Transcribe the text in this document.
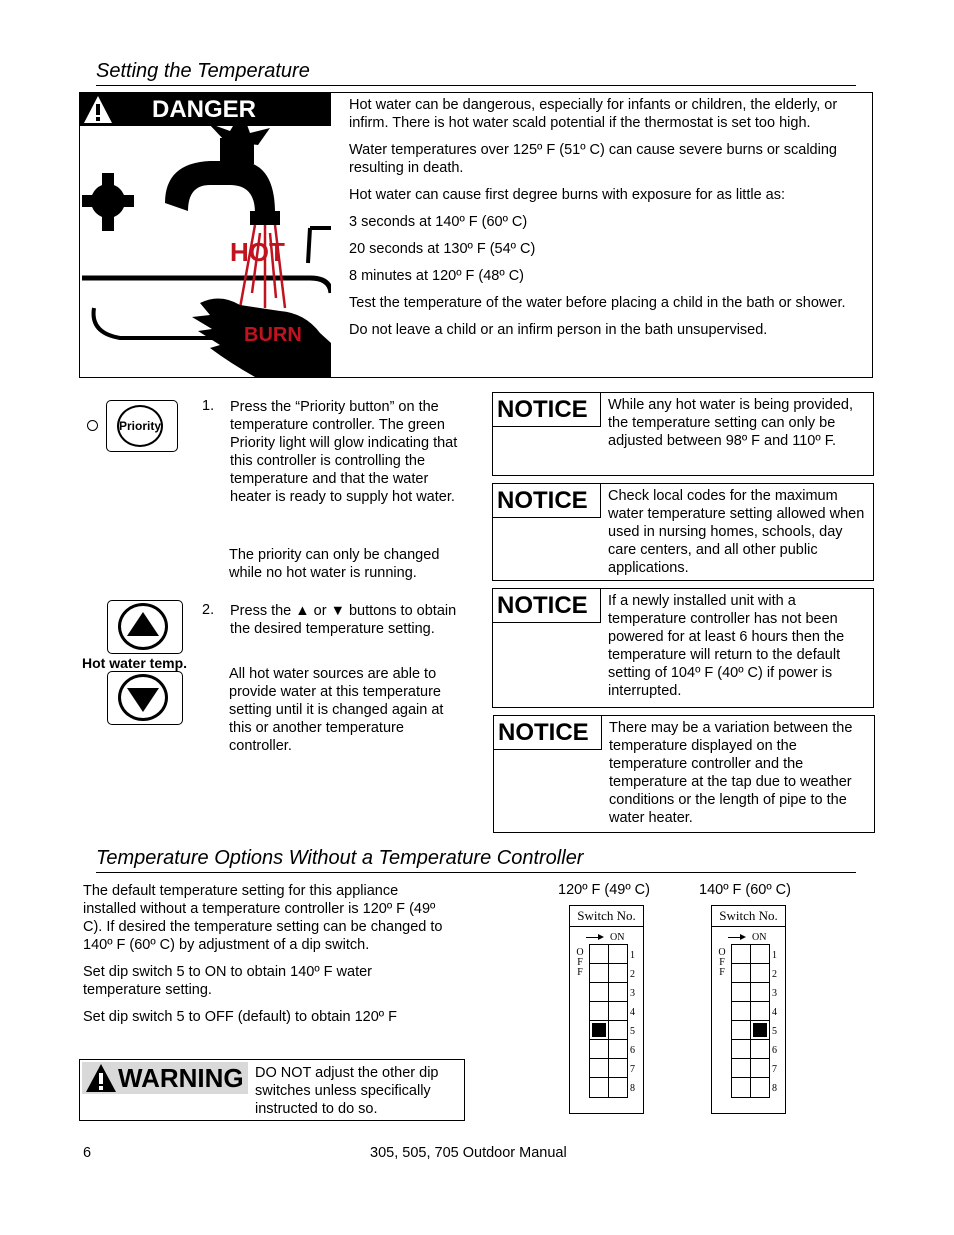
Setting the Temperature
HOT
BURN
DANGER	Hot water can be dangerous, especially for infants or children, the elderly, or infirm. There is hot water scald potential if the thermostat is set too high.

Water temperatures over 125º F (51º C) can cause severe burns or scalding resulting in death.

Hot water can cause first degree burns with exposure for as little as:

3 seconds at 140º F (60º C)

20 seconds at 130º F (54º C)

8 minutes at 120º F (48º C)

Test the temperature of the water before placing a child in the bath or shower.

Do not leave a child or an infirm person in the bath unsupervised.

Priority
1. Press the “Priority button” on the temperature controller. The green Priority light will glow indicating that this controller is controlling the temperature and that the water heater is ready to supply hot water.
The priority can only be changed while no hot water is running.
Hot water temp.
2. Press the ▲ or ▼ buttons to obtain the desired temperature setting.
All hot water sources are able to provide water at this temperature setting until it is changed again at this or another temperature controller.
NOTICE	While any hot water is being provided, the temperature setting can only be adjusted between 98º F and 110º F.
NOTICE	Check local codes for the maximum water temperature setting allowed when used in nursing homes, schools, day care centers, and all other public applications.
NOTICE	If a newly installed unit with a temperature controller has not been powered for at least 6 hours then the temperature will return to the default setting of 104º F (40º C) if power is interrupted.
NOTICE	There may be a variation between the temperature displayed on the temperature controller and the temperature at the tap due to weather conditions or the length of pipe to the water heater.
Temperature Options Without a Temperature Controller

The default temperature setting for this appliance installed without a temperature controller is 120º F (49º C). If desired the temperature setting can be changed to 140º F (60º C) by adjustment of a dip switch.

Set dip switch 5 to ON to obtain 140º F water temperature setting.

Set dip switch 5 to OFF (default) to obtain 120º F

WARNING DO NOT adjust the other dip switches unless specifically instructed to do so.
120º F (49º C)	140º F (60º C)
Switch No.
ON
O
F
F
1
2
3
4
5
6
7
8
Switch No.
ON
O
F
F
1
2
3
4
5
6
7
8
6	305, 505, 705 Outdoor Manual
